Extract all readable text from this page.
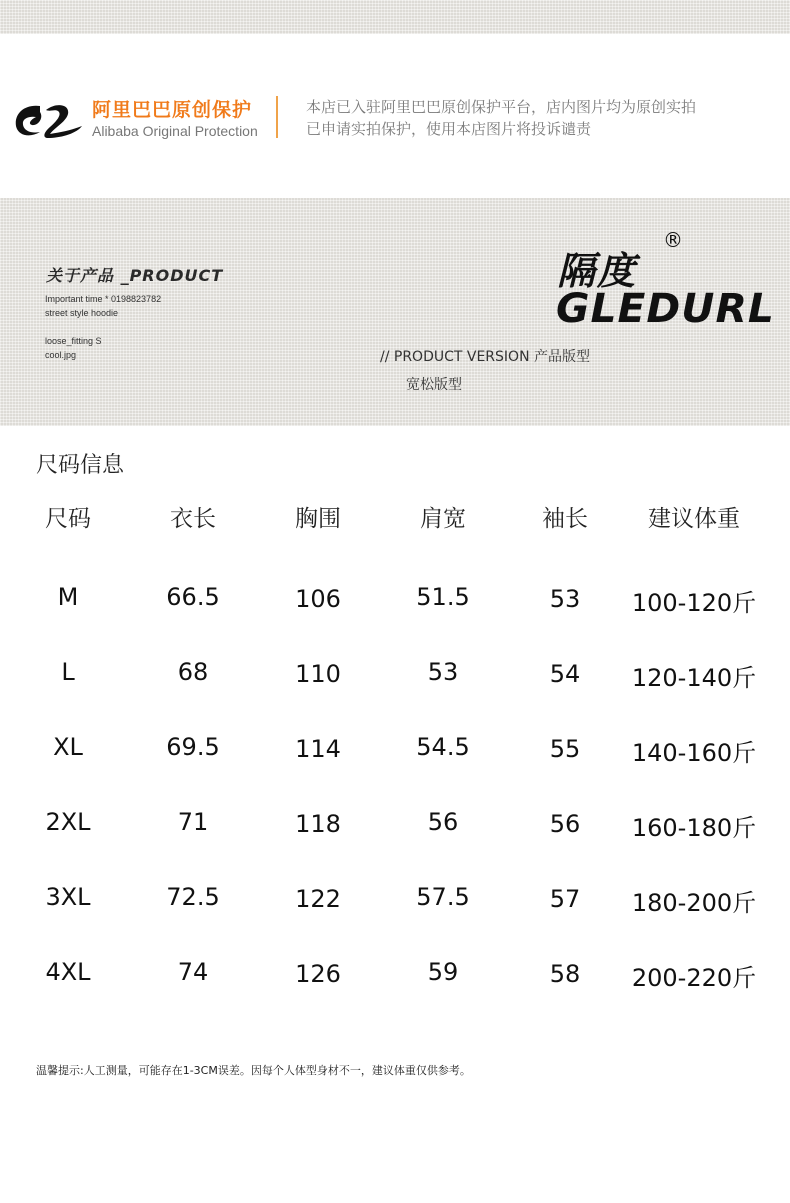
阿里巴巴原创保护
Alibaba Original Protection
本店已入驻阿里巴巴原创保护平台，店内图片均为原创实拍
已申请实拍保护，使用本店图片将投诉谴责
关于产品 _PRODUCT
Important time * 0198823782
street style hoodie
loose_fitting S
cool.jpg
隔度
®
GLEDURL
// PRODUCT VERSION 产品版型
宽松版型
尺码信息
尺码	衣长	胸围	肩宽	袖长	建议体重
M	66.5	106	51.5	53	100-120斤
L	68	110	53	54	120-140斤
XL	69.5	114	54.5	55	140-160斤
2XL	71	118	56	56	160-180斤
3XL	72.5	122	57.5	57	180-200斤
4XL	74	126	59	58	200-220斤
温馨提示:人工测量，可能存在1-3CM误差。因每个人体型身材不一，建议体重仅供参考。
